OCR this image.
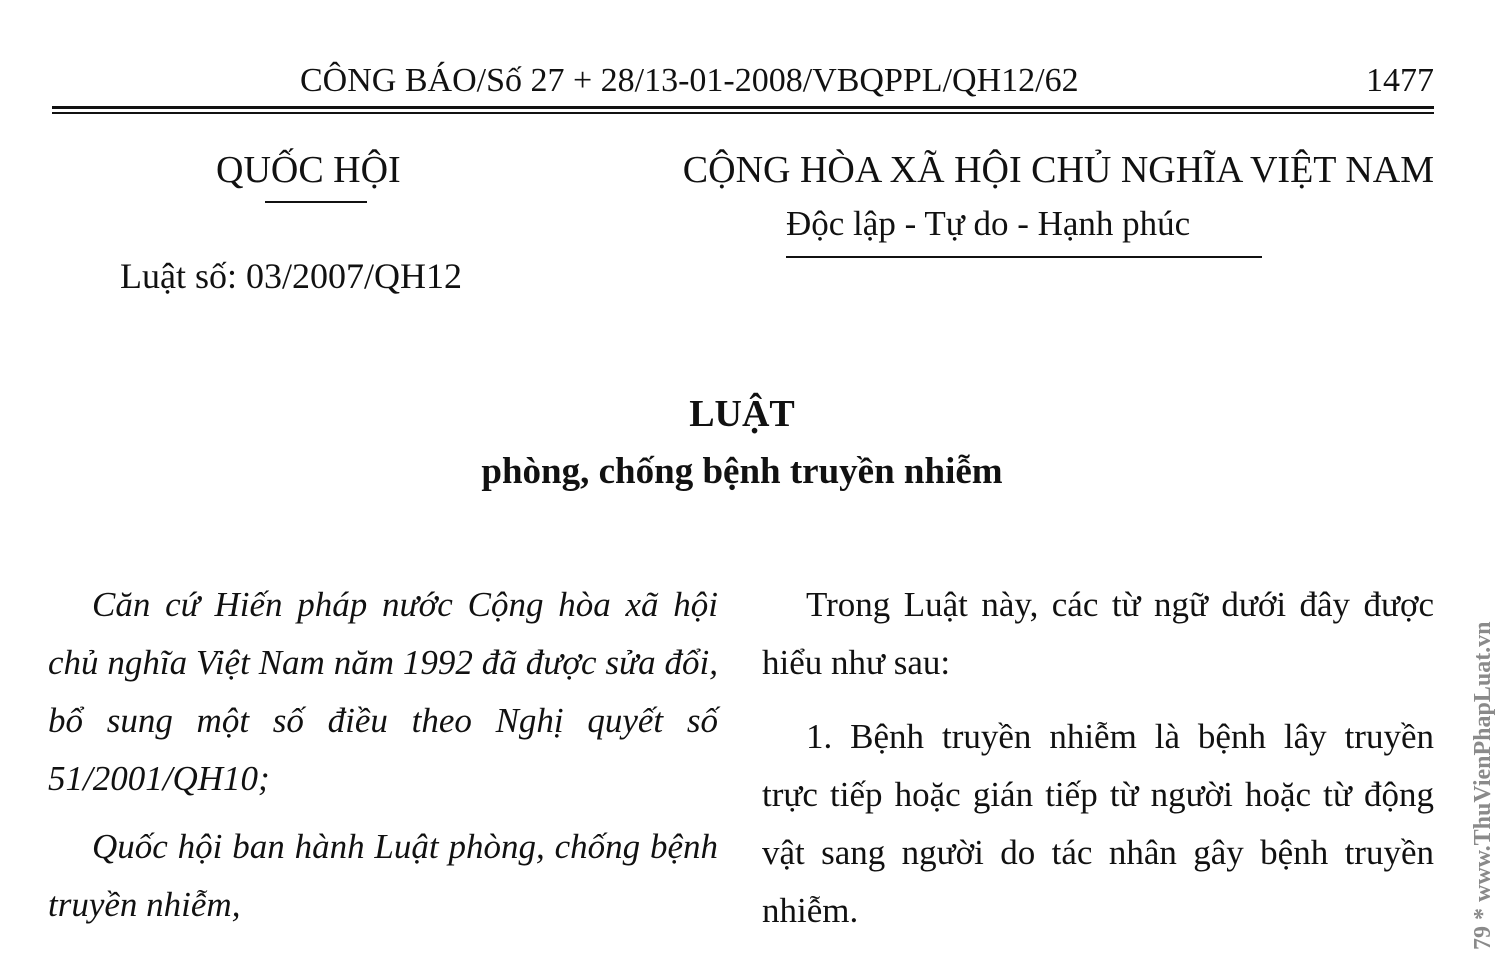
CÔNG BÁO/Số 27 + 28/13-01-2008/VBQPPL/QH12/62	1477
QUỐC HỘI
Luật số: 03/2007/QH12
CỘNG HÒA XÃ HỘI CHỦ NGHĨA VIỆT NAM
Độc lập - Tự do - Hạnh phúc
LUẬT
phòng, chống bệnh truyền nhiễm

Căn cứ Hiến pháp nước Cộng hòa xã hội chủ nghĩa Việt Nam năm 1992 đã được sửa đổi, bổ sung một số điều theo Nghị quyết số 51/2001/QH10;

Quốc hội ban hành Luật phòng, chống bệnh truyền nhiễm,

Trong Luật này, các từ ngữ dưới đây được hiểu như sau:

1. Bệnh truyền nhiễm là bệnh lây truyền trực tiếp hoặc gián tiếp từ người hoặc từ động vật sang người do tác nhân gây bệnh truyền nhiễm.	79 * www.ThuVienPhapLuat.vn
